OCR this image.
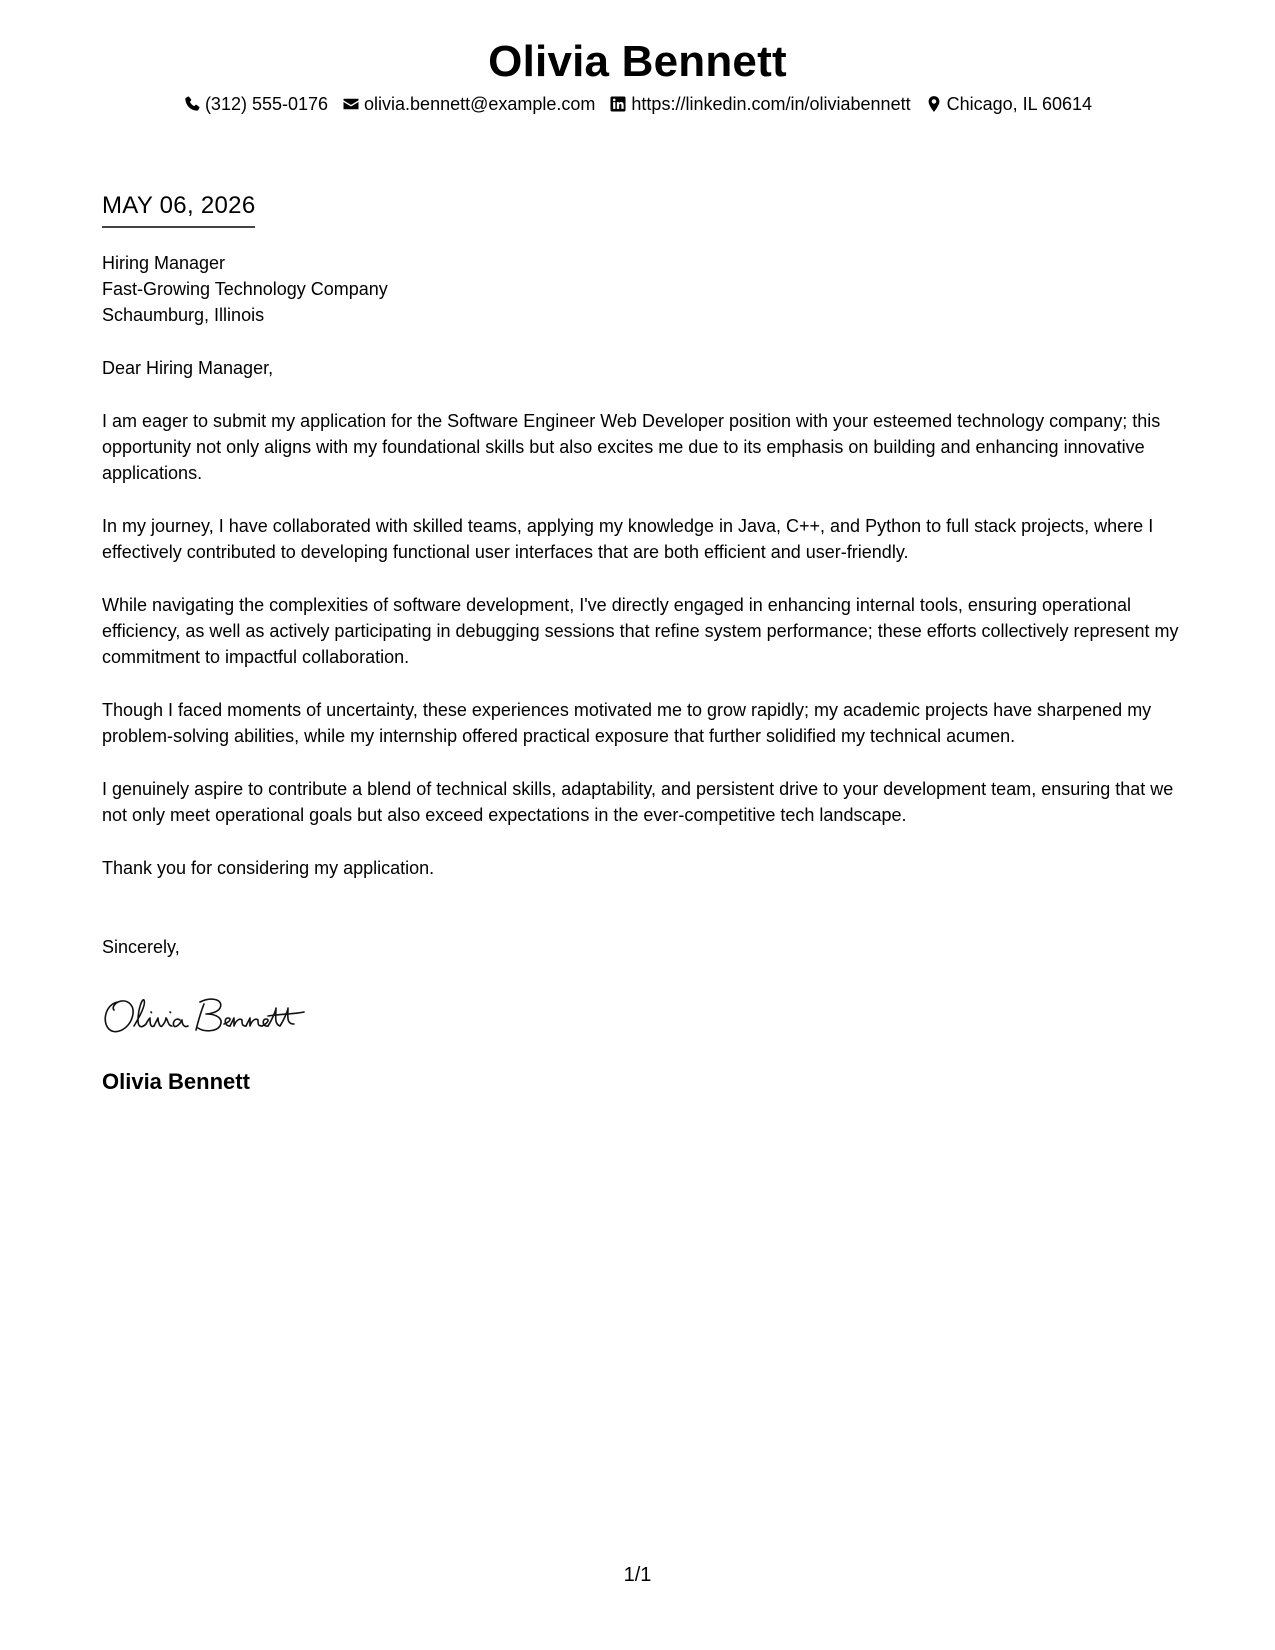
Olivia Bennett
(312) 555-0176 olivia.bennett@example.com https://linkedin.com/in/oliviabennett Chicago, IL 60614
MAY 06, 2026
Hiring Manager
Fast-Growing Technology Company
Schaumburg, Illinois
Dear Hiring Manager,
I am eager to submit my application for the Software Engineer Web Developer position with your esteemed technology company; this opportunity not only aligns with my foundational skills but also excites me due to its emphasis on building and enhancing innovative applications.
In my journey, I have collaborated with skilled teams, applying my knowledge in Java, C++, and Python to full stack projects, where I effectively contributed to developing functional user interfaces that are both efficient and user-friendly.
While navigating the complexities of software development, I've directly engaged in enhancing internal tools, ensuring operational efficiency, as well as actively participating in debugging sessions that refine system performance; these efforts collectively represent my commitment to impactful collaboration.
Though I faced moments of uncertainty, these experiences motivated me to grow rapidly; my academic projects have sharpened my problem-solving abilities, while my internship offered practical exposure that further solidified my technical acumen.
I genuinely aspire to contribute a blend of technical skills, adaptability, and persistent drive to your development team, ensuring that we not only meet operational goals but also exceed expectations in the ever-competitive tech landscape.
Thank you for considering my application.
Sincerely,
Olivia Bennett
1/1
